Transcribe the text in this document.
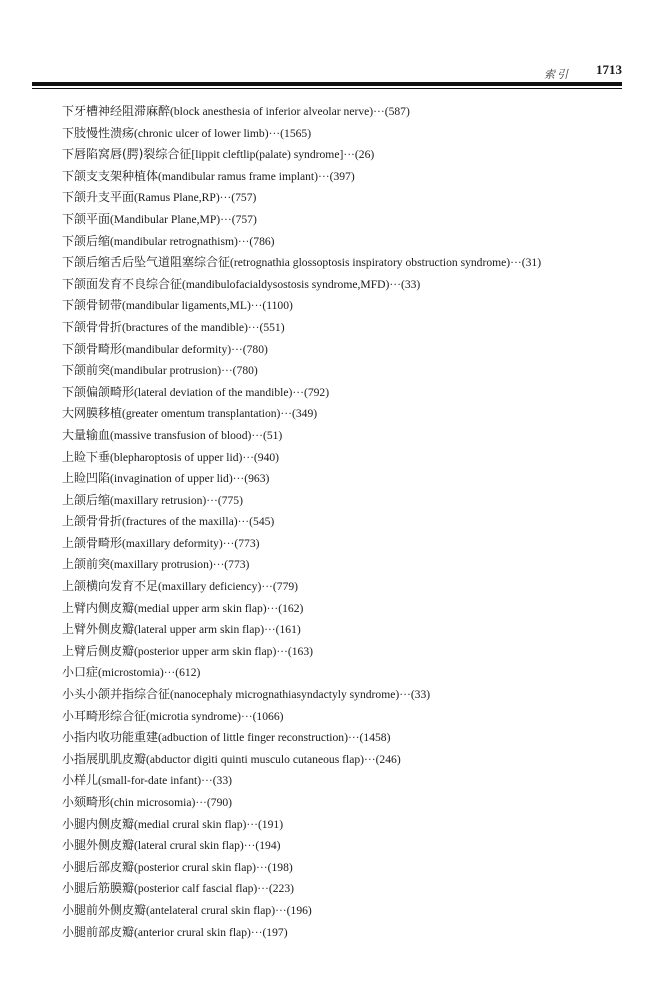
索引 1713
下牙槽神经阻滞麻醉(block anesthesia of inferior alveolar nerve)···(587)
下肢慢性溃疡(chronic ulcer of lower limb)···(1565)
下唇陷窝唇(腭)裂综合征[lippit cleftlip(palate) syndrome]···(26)
下颌支支架种植体(mandibular ramus frame implant)···(397)
下颌升支平面(Ramus Plane,RP)···(757)
下颌平面(Mandibular Plane,MP)···(757)
下颌后缩(mandibular retrognathism)···(786)
下颌后缩舌后坠气道阻塞综合征(retrognathia glossoptosis inspiratory obstruction syndrome)···(31)
下颌面发育不良综合征(mandibulofacialdysostosis syndrome,MFD)···(33)
下颌骨韧带(mandibular ligaments,ML)···(1100)
下颌骨骨折(bractures of the mandible)···(551)
下颌骨畸形(mandibular deformity)···(780)
下颌前突(mandibular protrusion)···(780)
下颌偏颌畸形(lateral deviation of the mandible)···(792)
大网膜移植(greater omentum transplantation)···(349)
大量输血(massive transfusion of blood)···(51)
上睑下垂(blepharoptosis of upper lid)···(940)
上睑凹陷(invagination of upper lid)···(963)
上颌后缩(maxillary retrusion)···(775)
上颌骨骨折(fractures of the maxilla)···(545)
上颌骨畸形(maxillary deformity)···(773)
上颌前突(maxillary protrusion)···(773)
上颌横向发育不足(maxillary deficiency)···(779)
上臂内侧皮瓣(medial upper arm skin flap)···(162)
上臂外侧皮瓣(lateral upper arm skin flap)···(161)
上臂后侧皮瓣(posterior upper arm skin flap)···(163)
小口症(microstomia)···(612)
小头小颌并指综合征(nanocephaly micrognathiasyndactyly syndrome)···(33)
小耳畸形综合征(microtia syndrome)···(1066)
小指内收功能重建(adbuction of little finger reconstruction)···(1458)
小指展肌肌皮瓣(abductor digiti quinti musculo cutaneous flap)···(246)
小样儿(small-for-date infant)···(33)
小颏畸形(chin microsomia)···(790)
小腿内侧皮瓣(medial crural skin flap)···(191)
小腿外侧皮瓣(lateral crural skin flap)···(194)
小腿后部皮瓣(posterior crural skin flap)···(198)
小腿后筋膜瓣(posterior calf fascial flap)···(223)
小腿前外侧皮瓣(antelateral crural skin flap)···(196)
小腿前部皮瓣(anterior crural skin flap)···(197)
